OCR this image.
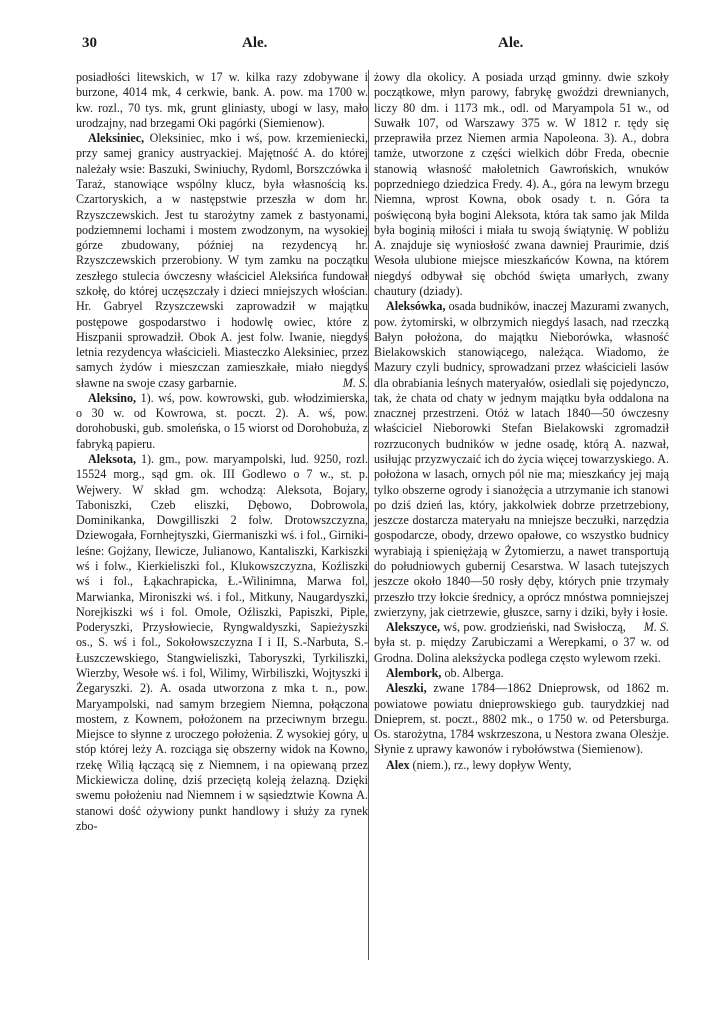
30	Ale.	Ale.

posiadłości litewskich, w 17 w. kilka razy zdobywane i burzone, 4014 mk, 4 cerkwie, bank. A. pow. ma 1700 w. kw. rozl., 70 tys. mk, grunt gliniasty, ubogi w lasy, mało urodzajny, nad brzegami Oki pagórki (Siemienow).

Aleksiniec, Oleksiniec, mko i wś, pow. krzemieniecki, przy samej granicy austryackiej. Majętność A. do której należały wsie: Baszuki, Swiniuchy, Rydoml, Borszczówka i Taraż, stanowiące wspólny klucz, była własnością ks. Czartoryskich, a w następstwie przeszła w dom hr. Rzyszczewskich. Jest tu starożytny zamek z bastyonami, podziemnemi lochami i mostem zwodzonym, na wysokiej górze zbudowany, później na rezydencyą hr. Rzyszczewskich przerobiony. W tym zamku na początku zeszłego stulecia ówczesny właściciel Aleksińca fundował szkołę, do której uczęszczały i dzieci mniejszych włościan. Hr. Gabryel Rzyszczewski zaprowadził w majątku postępowe gospodarstwo i hodowlę owiec, które z Hiszpanii sprowadził. Obok A. jest folw. Iwanie, niegdyś letnia rezydencya właścicieli. Miasteczko Aleksiniec, przez samych żydów i mieszczan zamieszkałe, miało niegdyś sławne na swoje czasy garbarnie.	M. S.

Aleksino, 1). wś, pow. kowrowski, gub. włodzimierska, o 30 w. od Kowrowa, st. poczt. 2). A. wś, pow. dorohobuski, gub. smoleńska, o 15 wiorst od Dorohobuża, z fabryką papieru.

Aleksota, 1). gm., pow. maryampolski, lud. 9250, rozl. 15524 morg., sąd gm. ok. III Godlewo o 7 w., st. p. Wejwery. W skład gm. wchodzą: Aleksota, Bojary, Taboniszki, Czeb eliszki, Dębowo, Dobrowola, Dominikanka, Dowgilliszki 2 folw. Drotowszczyzna, Dziewogała, Fornhejtyszki, Giermaniszki wś. i fol., Girniki-leśne: Gojżany, Ilewicze, Julianowo, Kantaliszki, Karkiszki wś i folw., Kierkieliszki fol., Klukowszczyzna, Koźliszki wś i fol., Łąkachrapicka, Ł.-Wilinimna, Marwa fol, Marwianka, Mironiszki wś. i fol., Mitkuny, Naugardyszki, Norejkiszki wś i fol. Omole, Oźliszki, Papiszki, Piple, Poderyszki, Przysłowiecie, Ryngwaldyszki, Sapieżyszki os., S. wś i fol., Sokołowszczyzna I i II, S.-Narbuta, S.-Łuszczewskiego, Stangwieliszki, Taboryszki, Tyrkiliszki, Wierzby, Wesołe wś. i fol, Wilimy, Wirbiliszki, Wojtyszki i Żegaryszki. 2). A. osada utworzona z mka t. n., pow. Maryampolski, nad samym brzegiem Niemna, połączona mostem, z Kownem, położonem na przeciwnym brzegu. Miejsce to słynne z uroczego położenia. Z wysokiej góry, u stóp której leży A. rozciąga się obszerny widok na Kowno, rzekę Wilią łączącą się z Niemnem, i na opiewaną przez Mickiewicza dolinę, dziś przeciętą koleją żelazną. Dzięki swemu położeniu nad Niemnem i w sąsiedztwie Kowna A. stanowi dość ożywiony punkt handlowy i służy za rynek zbo-

żowy dla okolicy. A posiada urząd gminny. dwie szkoły początkowe, młyn parowy, fabrykę gwoździ drewnianych, liczy 80 dm. i 1173 mk., odl. od Maryampola 51 w., od Suwałk 107, od Warszawy 375 w. W 1812 r. tędy się przeprawiła przez Niemen armia Napoleona. 3). A., dobra tamże, utworzone z części wielkich dóbr Freda, obecnie stanowią własność małoletnich Gawrońskich, wnuków poprzedniego dziedzica Fredy. 4). A., góra na lewym brzegu Niemna, wprost Kowna, obok osady t. n. Góra ta poświęconą była bogini Aleksota, która tak samo jak Milda była boginią miłości i miała tu swoją świątynię. W pobliżu A. znajduje się wyniosłość zwana dawniej Praurimie, dziś Wesoła ulubione miejsce mieszkańców Kowna, na którem niegdyś odbywał się obchód święta umarłych, zwany chautury (dziady).

Aleksówka, osada budników, inaczej Mazurami zwanych, pow. żytomirski, w olbrzymich niegdyś lasach, nad rzeczką Bałyn położona, do majątku Nieborówka, własność Bielakowskich stanowiącego, należąca. Wiadomo, że Mazury czyli budnicy, sprowadzani przez właścicieli lasów dla obrabiania leśnych materyałów, osiedlali się pojedynczo, tak, że chata od chaty w jednym majątku była oddalona na znacznej przestrzeni. Otóż w latach 1840—50 ówczesny właściciel Nieborowki Stefan Bielakowski zgromadził rozrzuconych budników w jedne osadę, którą A. nazwał, usiłując przyzwyczaić ich do życia więcej towarzyskiego. A. położona w lasach, ornych pól nie ma; mieszkańcy jej mają tylko obszerne ogrody i sianożęcia a utrzymanie ich stanowi po dziś dzień las, który, jakkolwiek dobrze przetrzebiony, jeszcze dostarcza materyału na mniejsze beczułki, narzędzia gospodarcze, obody, drzewo opałowe, co wszystko budnicy wyrabiają i spieniężają w Żytomierzu, a nawet transportują do południowych gubernij Cesarstwa. W lasach tutejszych jeszcze około 1840—50 rosły dęby, których pnie trzymały przeszło trzy łokcie średnicy, a oprócz mnóstwa pomniejszej zwierzyny, jak cietrzewie, głuszce, sarny i dziki, były i łosie.
M. S.

Alekszyce, wś, pow. grodzieński, nad Swisłoczą, była st. p. między Zarubiczami a Werepkami, o 37 w. od Grodna. Dolina aleksżycka podlega często wylewom rzeki.

Alembork, ob. Alberga.

Aleszki, zwane 1784—1862 Dnieprowsk, od 1862 m. powiatowe powiatu dnieprowskiego gub. taurydzkiej nad Dnieprem, st. poczt., 8802 mk., o 1750 w. od Petersburga. Os. starożytna, 1784 wskrzeszona, u Nestora zwana Olesżje. Słynie z uprawy kawonów i rybołówstwa (Siemienow).

Alex (niem.), rz., lewy dopływ Wenty,
